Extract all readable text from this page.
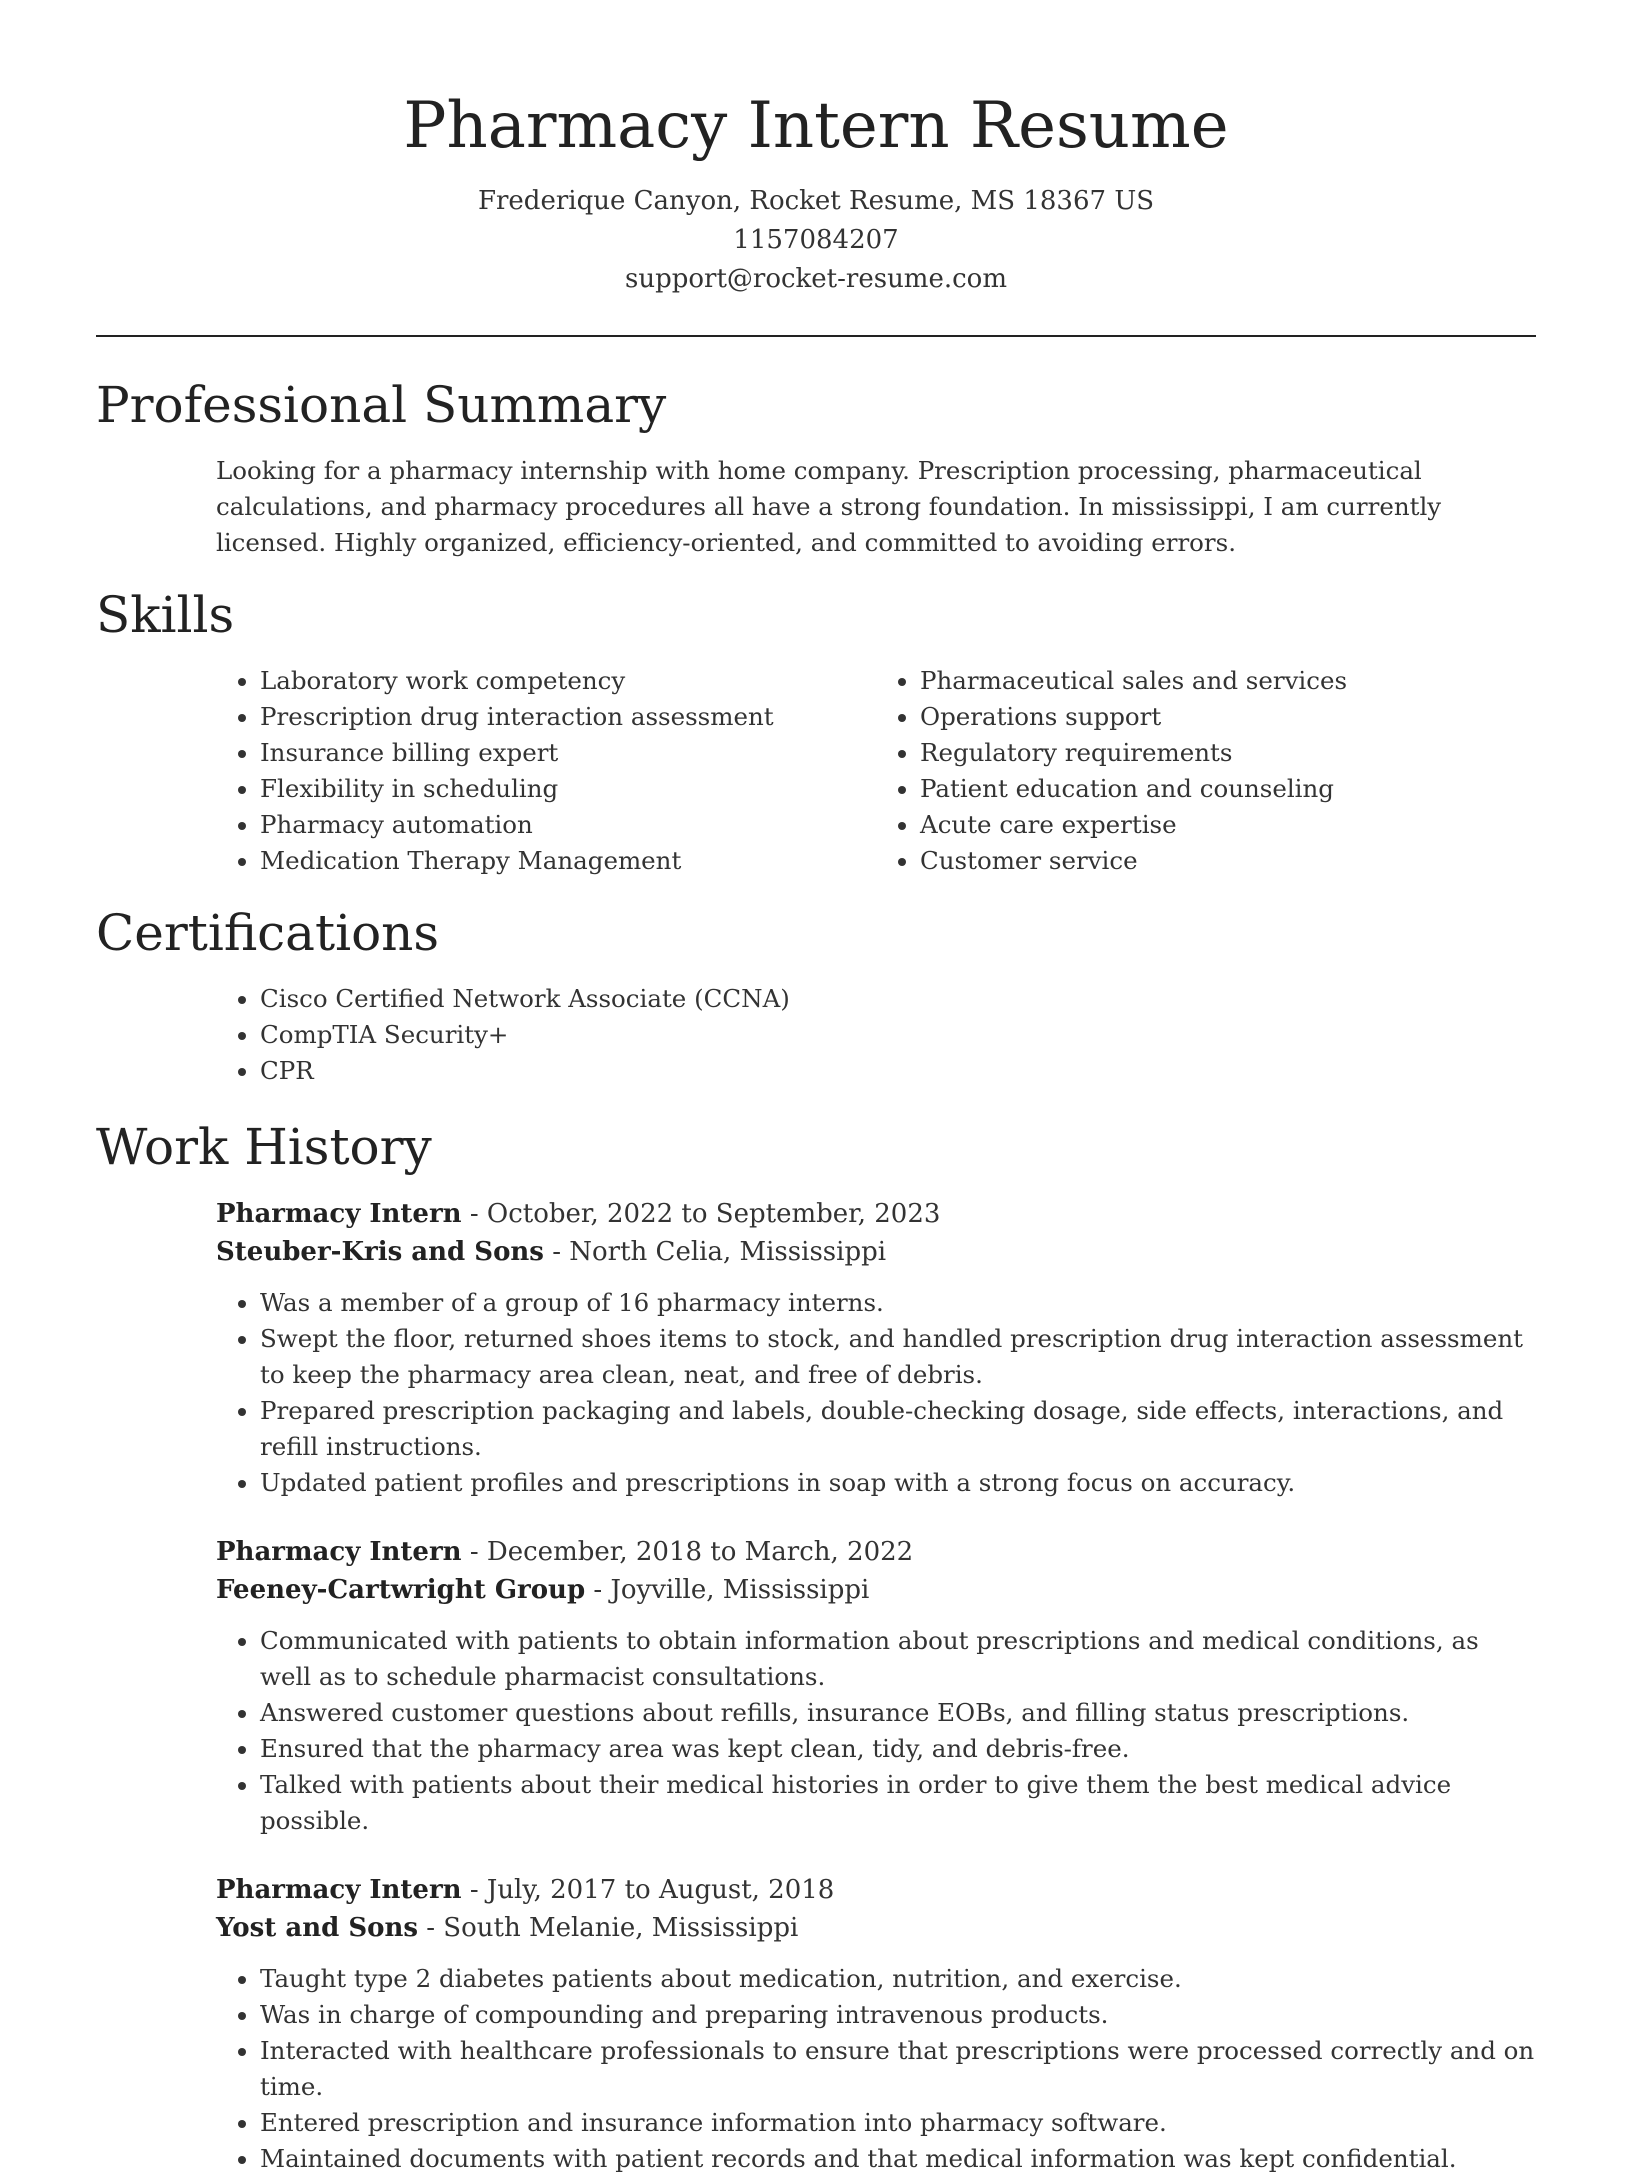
Pharmacy Intern Resume
Frederique Canyon, Rocket Resume, MS 18367 US
1157084207
support@rocket-resume.com
Professional Summary

Looking for a pharmacy internship with home company. Prescription processing, pharmaceutical calculations, and pharmacy procedures all have a strong foundation. In mississippi, I am currently licensed. Highly organized, efficiency-oriented, and committed to avoiding errors.

Skills
• Laboratory work competency
• Prescription drug interaction assessment
• Insurance billing expert
• Flexibility in scheduling
• Pharmacy automation
• Medication Therapy Management
• Pharmaceutical sales and services
• Operations support
• Regulatory requirements
• Patient education and counseling
• Acute care expertise
• Customer service
Certifications
• Cisco Certified Network Associate (CCNA)
• CompTIA Security+
• CPR
Work History
Pharmacy Intern - October, 2022 to September, 2023
Steuber-Kris and Sons - North Celia, Mississippi
• Was a member of a group of 16 pharmacy interns.
• Swept the floor, returned shoes items to stock, and handled prescription drug interaction assessment to keep the pharmacy area clean, neat, and free of debris.
• Prepared prescription packaging and labels, double-checking dosage, side effects, interactions, and refill instructions.
• Updated patient profiles and prescriptions in soap with a strong focus on accuracy.
Pharmacy Intern - December, 2018 to March, 2022
Feeney-Cartwright Group - Joyville, Mississippi
• Communicated with patients to obtain information about prescriptions and medical conditions, as well as to schedule pharmacist consultations.
• Answered customer questions about refills, insurance EOBs, and filling status prescriptions.
• Ensured that the pharmacy area was kept clean, tidy, and debris-free.
• Talked with patients about their medical histories in order to give them the best medical advice possible.
Pharmacy Intern - July, 2017 to August, 2018
Yost and Sons - South Melanie, Mississippi
• Taught type 2 diabetes patients about medication, nutrition, and exercise.
• Was in charge of compounding and preparing intravenous products.
• Interacted with healthcare professionals to ensure that prescriptions were processed correctly and on time.
• Entered prescription and insurance information into pharmacy software.
• Maintained documents with patient records and that medical information was kept confidential.
